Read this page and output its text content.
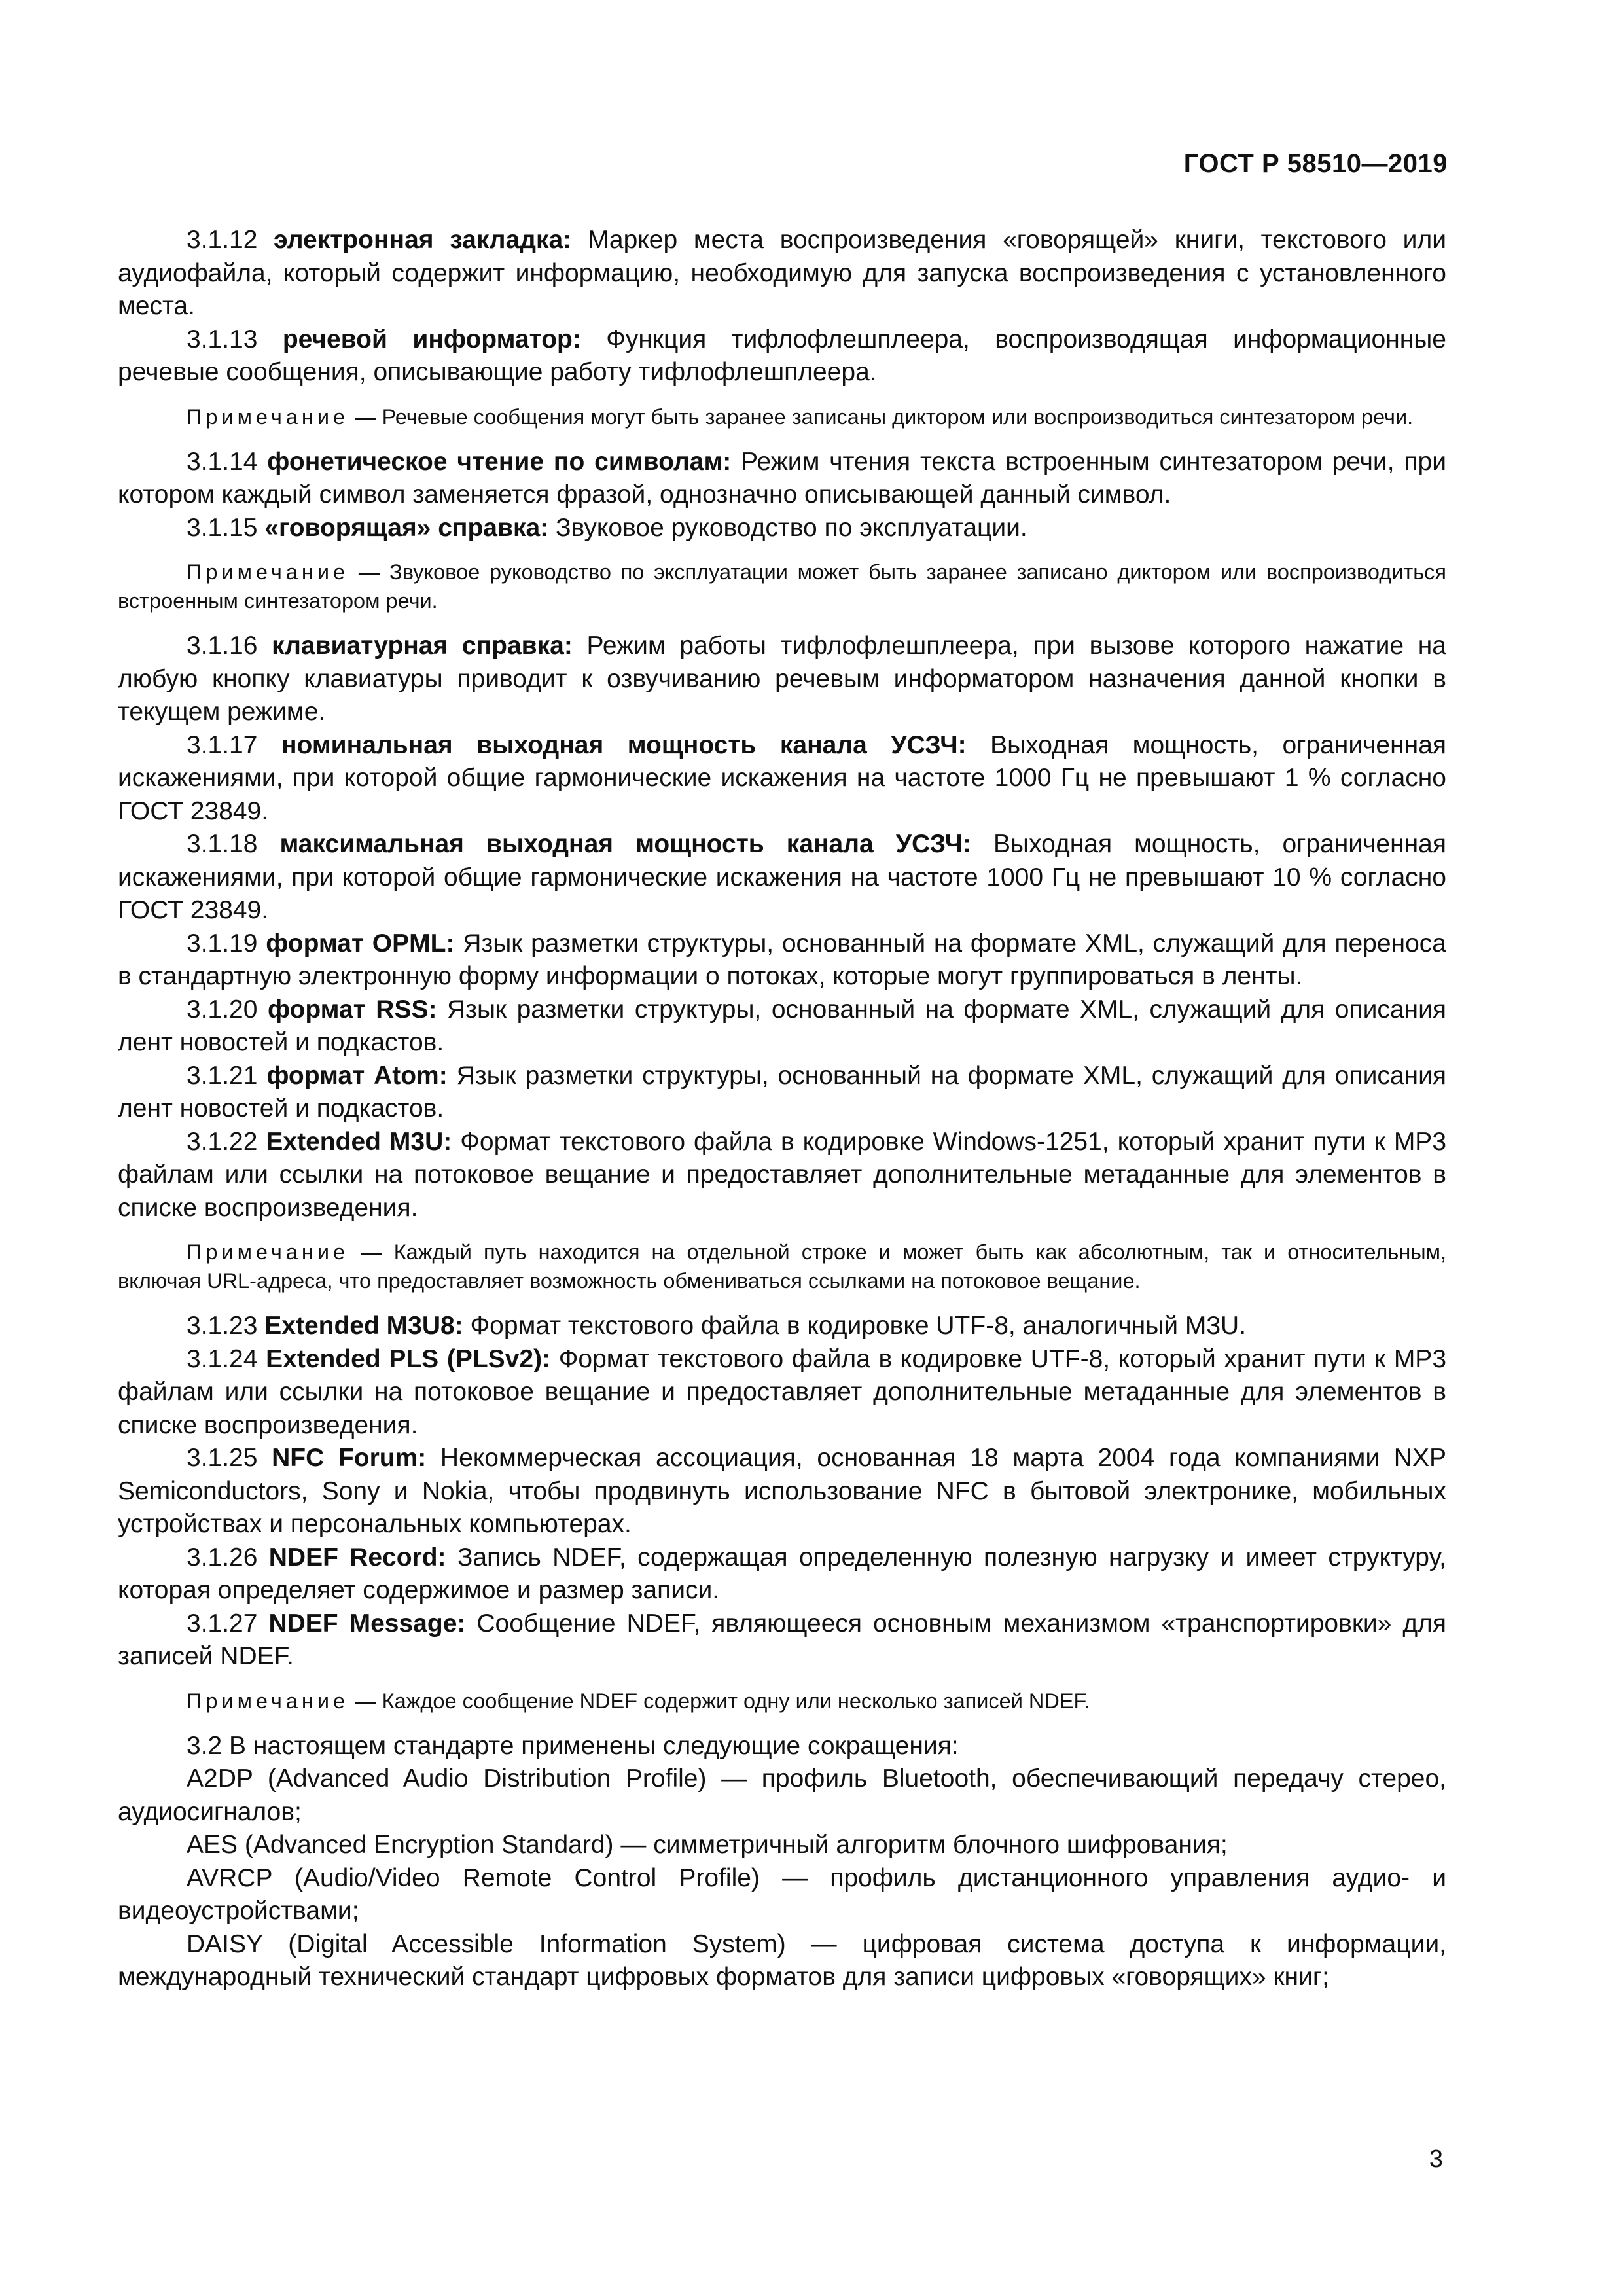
ГОСТ Р 58510—2019

3.1.12 электронная закладка: Маркер места воспроизведения «говорящей» книги, текстового или аудиофайла, который содержит информацию, необходимую для запуска воспроизведения с установленного места.

3.1.13 речевой информатор: Функция тифлофлешплеера, воспроизводящая информационные речевые сообщения, описывающие работу тифлофлешплеера.

Примечание — Речевые сообщения могут быть заранее записаны диктором или воспроизводиться синтезатором речи.

3.1.14 фонетическое чтение по символам: Режим чтения текста встроенным синтезатором речи, при котором каждый символ заменяется фразой, однозначно описывающей данный символ.

3.1.15 «говорящая» справка: Звуковое руководство по эксплуатации.

Примечание — Звуковое руководство по эксплуатации может быть заранее записано диктором или воспроизводиться встроенным синтезатором речи.

3.1.16 клавиатурная справка: Режим работы тифлофлешплеера, при вызове которого нажатие на любую кнопку клавиатуры приводит к озвучиванию речевым информатором назначения данной кнопки в текущем режиме.

3.1.17 номинальная выходная мощность канала УСЗЧ: Выходная мощность, ограниченная искажениями, при которой общие гармонические искажения на частоте 1000 Гц не превышают 1 % согласно ГОСТ 23849.

3.1.18 максимальная выходная мощность канала УСЗЧ: Выходная мощность, ограниченная искажениями, при которой общие гармонические искажения на частоте 1000 Гц не превышают 10 % согласно ГОСТ 23849.

3.1.19 формат OPML: Язык разметки структуры, основанный на формате XML, служащий для переноса в стандартную электронную форму информации о потоках, которые могут группироваться в ленты.

3.1.20 формат RSS: Язык разметки структуры, основанный на формате XML, служащий для описания лент новостей и подкастов.

3.1.21 формат Atom: Язык разметки структуры, основанный на формате XML, служащий для описания лент новостей и подкастов.

3.1.22 Extended M3U: Формат текстового файла в кодировке Windows-1251, который хранит пути к MP3 файлам или ссылки на потоковое вещание и предоставляет дополнительные метаданные для элементов в списке воспроизведения.

Примечание — Каждый путь находится на отдельной строке и может быть как абсолютным, так и относительным, включая URL-адреса, что предоставляет возможность обмениваться ссылками на потоковое вещание.

3.1.23 Extended M3U8: Формат текстового файла в кодировке UTF-8, аналогичный M3U.

3.1.24 Extended PLS (PLSv2): Формат текстового файла в кодировке UTF-8, который хранит пути к MP3 файлам или ссылки на потоковое вещание и предоставляет дополнительные метаданные для элементов в списке воспроизведения.

3.1.25 NFC Forum: Некоммерческая ассоциация, основанная 18 марта 2004 года компаниями NXP Semiconductors, Sony и Nokia, чтобы продвинуть использование NFC в бытовой электронике, мобильных устройствах и персональных компьютерах.

3.1.26 NDEF Record: Запись NDEF, содержащая определенную полезную нагрузку и имеет структуру, которая определяет содержимое и размер записи.

3.1.27 NDEF Message: Сообщение NDEF, являющееся основным механизмом «транспортировки» для записей NDEF.

Примечание — Каждое сообщение NDEF содержит одну или несколько записей NDEF.

3.2 В настоящем стандарте применены следующие сокращения:

A2DP (Advanced Audio Distribution Profile) — профиль Bluetooth, обеспечивающий передачу стерео, аудиосигналов;

AES (Advanced Encryption Standard) — симметричный алгоритм блочного шифрования;

AVRCP (Audio/Video Remote Control Profile) — профиль дистанционного управления аудио- и видеоустройствами;

DAISY (Digital Accessible Information System) — цифровая система доступа к информации, международный технический стандарт цифровых форматов для записи цифровых «говорящих» книг;

3
